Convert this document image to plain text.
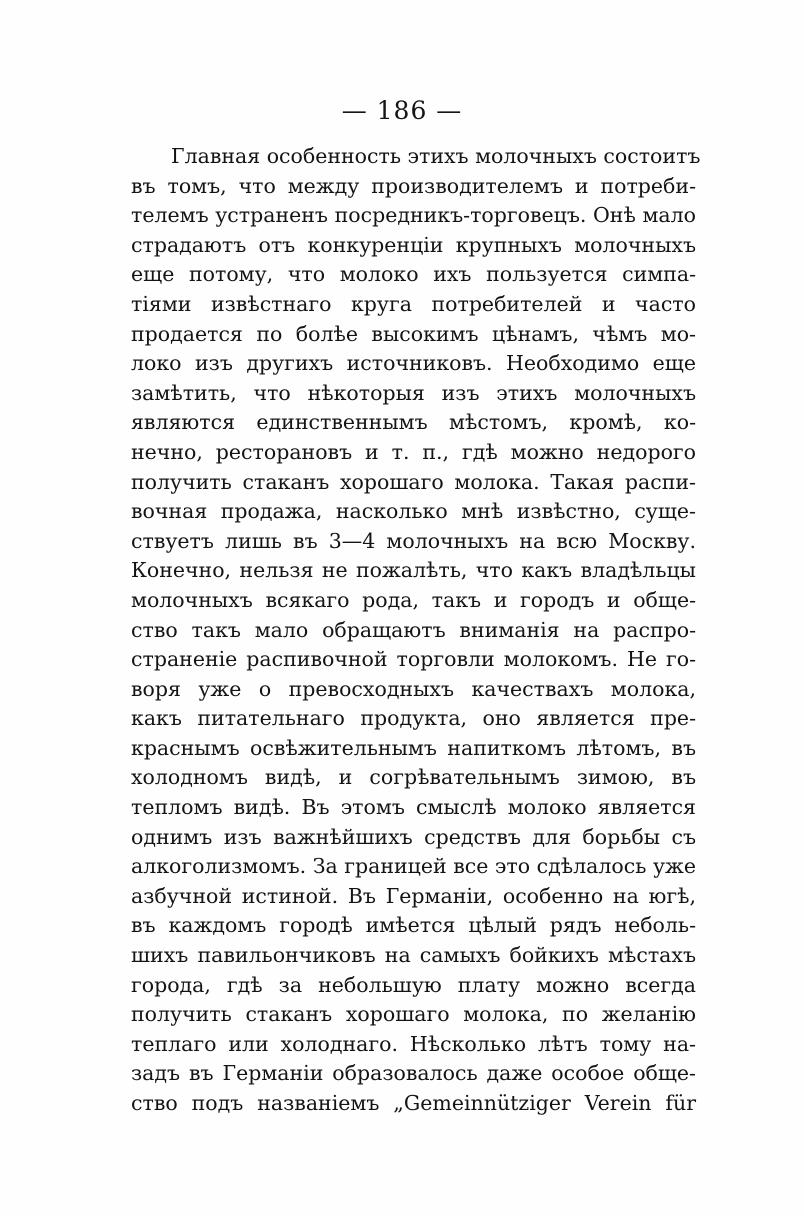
— 186 —
Главная особенность этихъ молочныхъ состоитъ
въ томъ, что между производителемъ и потреби-
телемъ устраненъ посредникъ-торговецъ. Онѣ мало
страдаютъ отъ конкуренціи крупныхъ молочныхъ
еще потому, что молоко ихъ пользуется симпа-
тіями извѣстнаго круга потребителей и часто
продается по болѣе высокимъ цѣнамъ, чѣмъ мо-
локо изъ другихъ источниковъ. Необходимо еще
замѣтить, что нѣкоторыя изъ этихъ молочныхъ
являются единственнымъ мѣстомъ, кромѣ, ко-
нечно, ресторановъ и т. п., гдѣ можно недорого
получить стаканъ хорошаго молока. Такая распи-
вочная продажа, насколько мнѣ извѣстно, суще-
ствуетъ лишь въ 3—4 молочныхъ на всю Москву.
Конечно, нельзя не пожалѣть, что какъ владѣльцы
молочныхъ всякаго рода, такъ и городъ и обще-
ство такъ мало обращаютъ вниманія на распро-
страненіе распивочной торговли молокомъ. Не го-
воря уже о превосходныхъ качествахъ молока,
какъ питательнаго продукта, оно является пре-
краснымъ освѣжительнымъ напиткомъ лѣтомъ, въ
холодномъ видѣ, и согрѣвательнымъ зимою, въ
тепломъ видѣ. Въ этомъ смыслѣ молоко является
однимъ изъ важнѣйшихъ средствъ для борьбы съ
алкоголизмомъ. За границей все это сдѣлалось уже
азбучной истиной. Въ Германіи, особенно на югѣ,
въ каждомъ городѣ имѣется цѣлый рядъ неболь-
шихъ павильончиковъ на самыхъ бойкихъ мѣстахъ
города, гдѣ за небольшую плату можно всегда
получить стаканъ хорошаго молока, по желанію
теплаго или холоднаго. Нѣсколько лѣтъ тому на-
задъ въ Германіи образовалось даже особое обще-
ство подъ названіемъ „Gemeinnütziger Verein für
